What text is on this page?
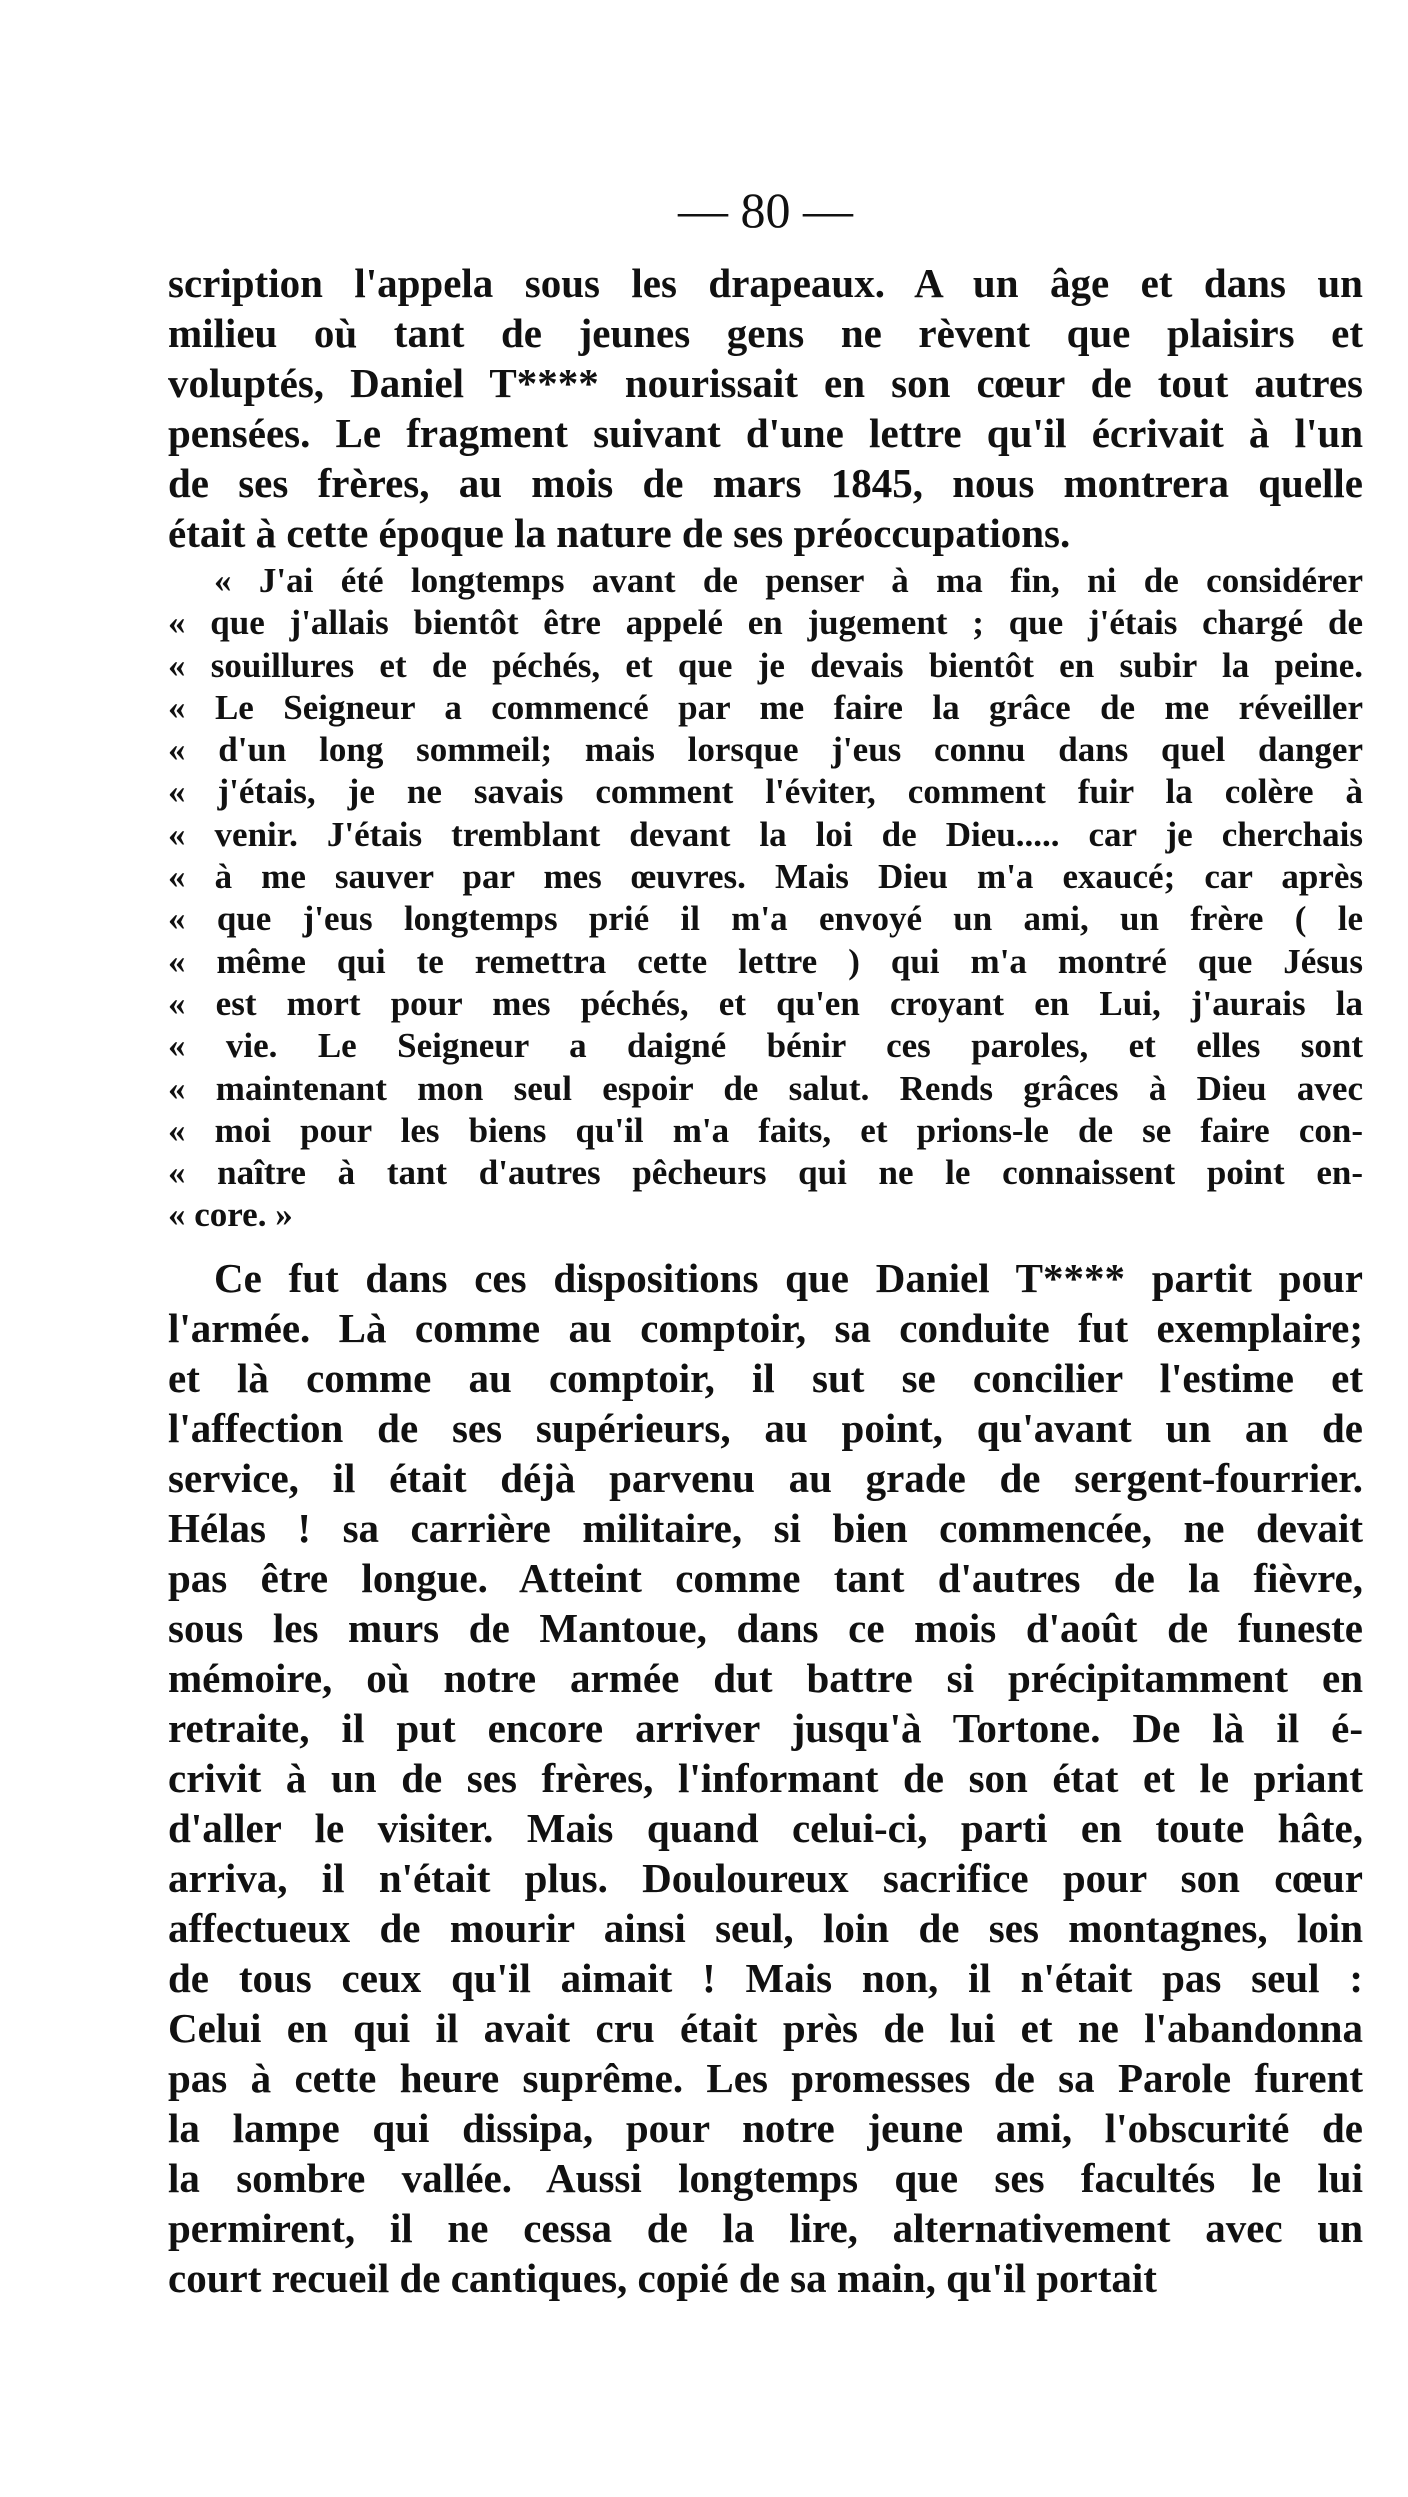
— 80 —
scription l'appela sous les drapeaux. A un âge et dans un
milieu où tant de jeunes gens ne rèvent que plaisirs et
voluptés, Daniel T**** nourissait en son cœur de tout autres
pensées. Le fragment suivant d'une lettre qu'il écrivait à l'un
de ses frères, au mois de mars 1845, nous montrera quelle
était à cette époque la nature de ses préoccupations.
« J'ai été longtemps avant de penser à ma fin, ni de considérer
« que j'allais bientôt être appelé en jugement ; que j'étais chargé de
« souillures et de péchés, et que je devais bientôt en subir la peine.
« Le Seigneur a commencé par me faire la grâce de me réveiller
« d'un long sommeil; mais lorsque j'eus connu dans quel danger
« j'étais, je ne savais comment l'éviter, comment fuir la colère à
« venir. J'étais tremblant devant la loi de Dieu..... car je cherchais
« à me sauver par mes œuvres. Mais Dieu m'a exaucé; car après
« que j'eus longtemps prié il m'a envoyé un ami, un frère ( le
« même qui te remettra cette lettre ) qui m'a montré que Jésus
« est mort pour mes péchés, et qu'en croyant en Lui, j'aurais la
« vie. Le Seigneur a daigné bénir ces paroles, et elles sont
« maintenant mon seul espoir de salut. Rends grâces à Dieu avec
« moi pour les biens qu'il m'a faits, et prions-le de se faire con-
« naître à tant d'autres pêcheurs qui ne le connaissent point en-
« core. »
Ce fut dans ces dispositions que Daniel T**** partit pour
l'armée. Là comme au comptoir, sa conduite fut exemplaire;
et là comme au comptoir, il sut se concilier l'estime et
l'affection de ses supérieurs, au point, qu'avant un an de
service, il était déjà parvenu au grade de sergent-fourrier.
Hélas ! sa carrière militaire, si bien commencée, ne devait
pas être longue. Atteint comme tant d'autres de la fièvre,
sous les murs de Mantoue, dans ce mois d'août de funeste
mémoire, où notre armée dut battre si précipitamment en
retraite, il put encore arriver jusqu'à Tortone. De là il é-
crivit à un de ses frères, l'informant de son état et le priant
d'aller le visiter. Mais quand celui-ci, parti en toute hâte,
arriva, il n'était plus. Douloureux sacrifice pour son cœur
affectueux de mourir ainsi seul, loin de ses montagnes, loin
de tous ceux qu'il aimait ! Mais non, il n'était pas seul :
Celui en qui il avait cru était près de lui et ne l'abandonna
pas à cette heure suprême. Les promesses de sa Parole furent
la lampe qui dissipa, pour notre jeune ami, l'obscurité de
la sombre vallée. Aussi longtemps que ses facultés le lui
permirent, il ne cessa de la lire, alternativement avec un
court recueil de cantiques, copié de sa main, qu'il portait
